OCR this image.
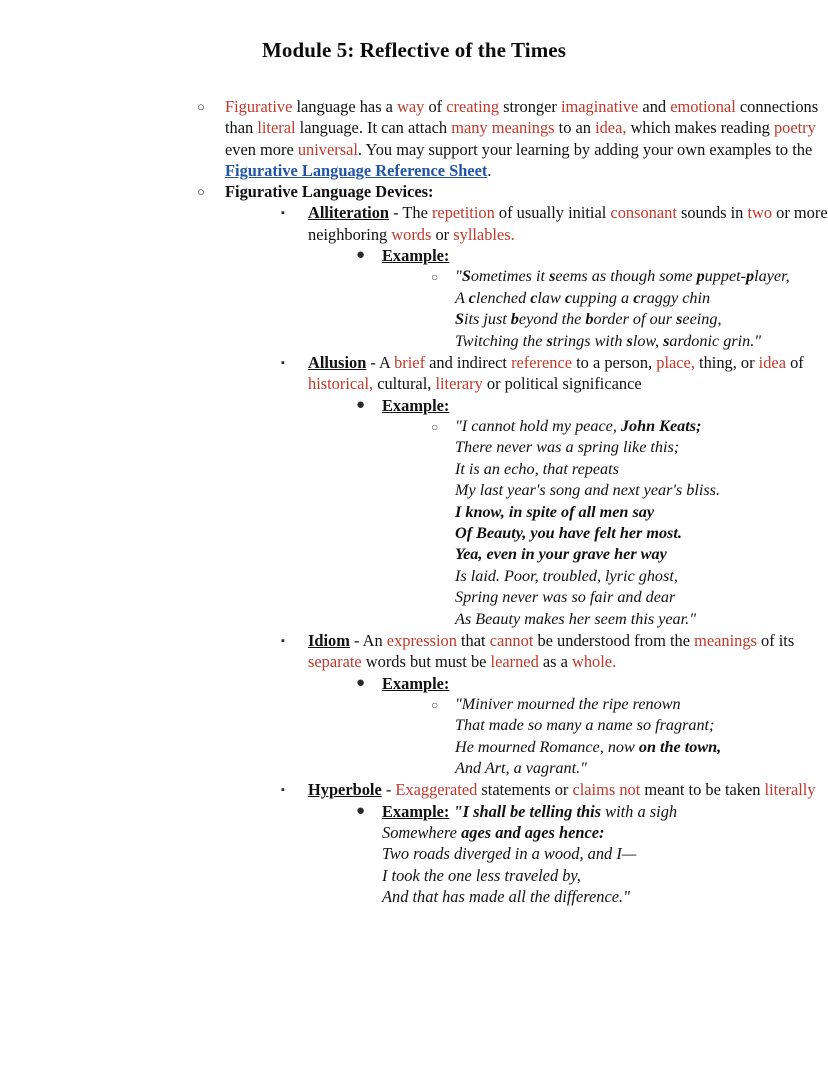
Module 5: Reflective of the Times
○	Figurative language has a way of creating stronger imaginative and emotional connections than literal language. It can attach many meanings to an idea, which makes reading poetry even more universal. You may support your learning by adding your own examples to the Figurative Language Reference Sheet.
○	Figurative Language Devices:
▪	Alliteration - The repetition of usually initial consonant sounds in two or more neighboring words or syllables.
●	Example:
○	"Sometimes it seems as though some puppet-player,
A clenched claw cupping a craggy chin
Sits just beyond the border of our seeing,
Twitching the strings with slow, sardonic grin."
▪	Allusion - A brief and indirect reference to a person, place, thing, or idea of historical, cultural, literary or political significance
●	Example:
○	"I cannot hold my peace, John Keats;
There never was a spring like this;
It is an echo, that repeats
My last year's song and next year's bliss.
I know, in spite of all men say
Of Beauty, you have felt her most.
Yea, even in your grave her way
Is laid. Poor, troubled, lyric ghost,
Spring never was so fair and dear
As Beauty makes her seem this year."
▪	Idiom - An expression that cannot be understood from the meanings of its separate words but must be learned as a whole.
●	Example:
○	"Miniver mourned the ripe renown
That made so many a name so fragrant;
He mourned Romance, now on the town,
And Art, a vagrant."
▪	Hyperbole - Exaggerated statements or claims not meant to be taken literally
●	Example: "I shall be telling this with a sigh
Somewhere ages and ages hence:
Two roads diverged in a wood, and I—
I took the one less traveled by,
And that has made all the difference."
